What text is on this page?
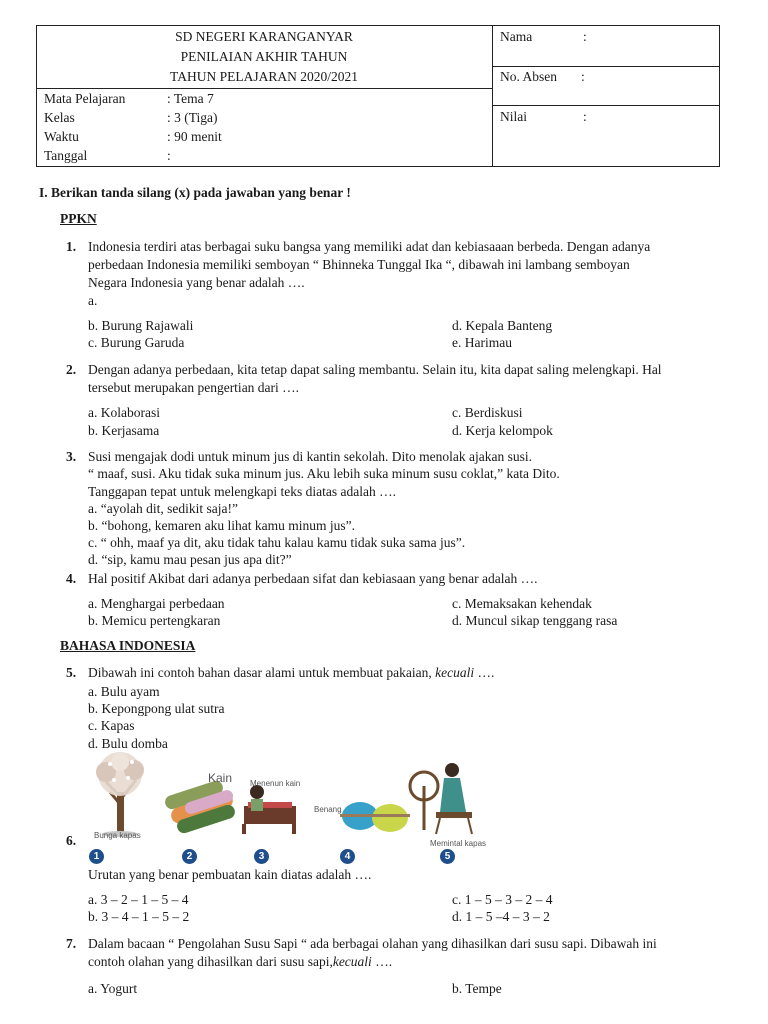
SD NEGERI KARANGANYAR
PENILAIAN AKHIR TAHUN
TAHUN PELAJARAN 2020/2021
Mata Pelajaran	: Tema 7
Kelas	: 3 (Tiga)
Waktu	: 90 menit
Tanggal	:
Nama	:
No. Absen :
Nilai	:
I. Berikan tanda silang (x) pada jawaban yang benar !
PPKN
1. Indonesia terdiri atas berbagai suku bangsa yang memiliki adat dan kebiasaaan berbeda. Dengan adanya
perbedaan Indonesia memiliki semboyan “ Bhinneka Tunggal Ika “, dibawah ini lambang semboyan
Negara Indonesia yang benar adalah ….
a.
b. Burung Rajawali
c. Burung Garuda
d. Kepala Banteng
e. Harimau
2. Dengan adanya perbedaan, kita tetap dapat saling membantu. Selain itu, kita dapat saling melengkapi. Hal
tersebut merupakan pengertian dari ….
a. Kolaborasi
b. Kerjasama
c. Berdiskusi
d. Kerja kelompok
3. Susi mengajak dodi untuk minum jus di kantin sekolah. Dito menolak ajakan susi.
“ maaf, susi. Aku tidak suka minum jus. Aku lebih suka minum susu coklat,” kata Dito.
Tanggapan tepat untuk melengkapi teks diatas adalah ….
a. “ayolah dit, sedikit saja!”
b. “bohong, kemaren aku lihat kamu minum jus”.
c. “ ohh, maaf ya dit, aku tidak tahu kalau kamu tidak suka sama jus”.
d. “sip, kamu mau pesan jus apa dit?”
4. Hal positif Akibat dari adanya perbedaan sifat dan kebiasaan yang benar adalah ….
a. Menghargai perbedaan
b. Memicu pertengkaran
c. Memaksakan kehendak
d. Muncul sikap tenggang rasa
BAHASA INDONESIA
5. Dibawah ini contoh bahan dasar alami untuk membuat pakaian, kecuali ….
a. Bulu ayam
b. Kepongpong ulat sutra
c. Kapas
d. Bulu domba
6. Bunga kapas
Kain Menenun kain
Benang
Memintal kapas
1	2	3	4	5
Urutan yang benar pembuatan kain diatas adalah ….
a. 3 – 2 – 1 – 5 – 4
b. 3 – 4 – 1 – 5 – 2
c. 1 – 5 – 3 – 2 – 4
d. 1 – 5 –4 – 3 – 2
7. Dalam bacaan “ Pengolahan Susu Sapi “ ada berbagai olahan yang dihasilkan dari susu sapi. Dibawah ini
contoh olahan yang dihasilkan dari susu sapi,kecuali ….
a. Yogurt	b. Tempe
